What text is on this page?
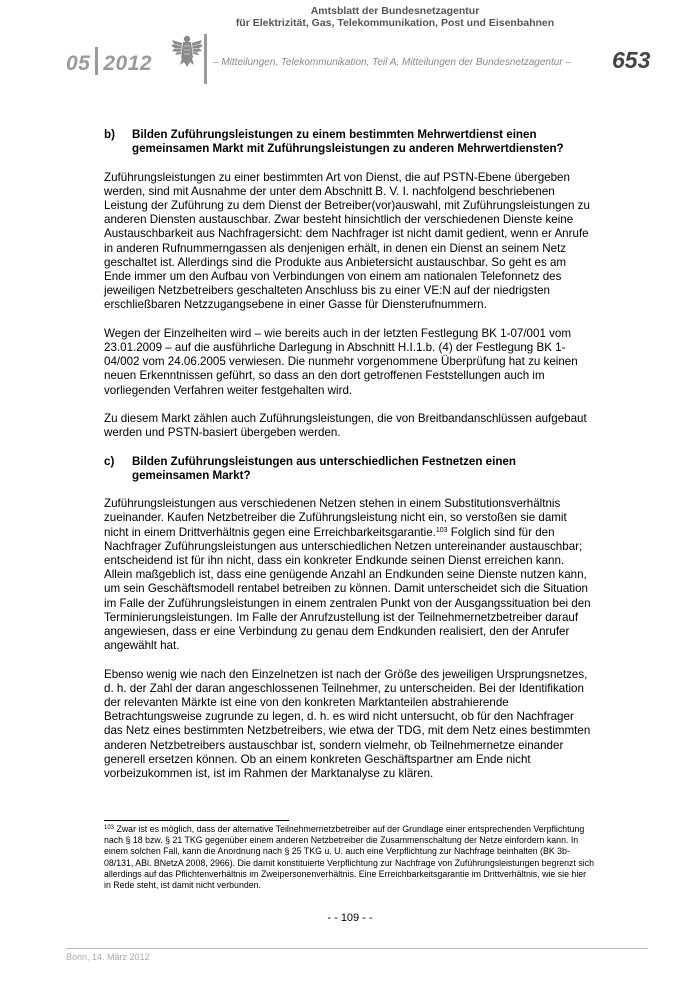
05 2012
Amtsblatt der Bundesnetzagentur
für Elektrizität, Gas, Telekommunikation, Post und Eisenbahnen
– Mitteilungen, Telekommunikation, Teil A, Mitteilungen der Bundesnetzagentur – 653
b)	Bilden Zuführungsleistungen zu einem bestimmten Mehrwertdienst einen gemeinsamen Markt mit Zuführungsleistungen zu anderen Mehrwertdiensten?

Zuführungsleistungen zu einer bestimmten Art von Dienst, die auf PSTN-Ebene übergeben werden, sind mit Ausnahme der unter dem Abschnitt B. V. I. nachfolgend beschriebenen Leistung der Zuführung zu dem Dienst der Betreiber(vor)auswahl, mit Zuführungsleistungen zu anderen Diensten austauschbar. Zwar besteht hinsichtlich der verschiedenen Dienste keine Austauschbarkeit aus Nachfragersicht: dem Nachfrager ist nicht damit gedient, wenn er Anrufe in anderen Rufnummerngassen als denjenigen erhält, in denen ein Dienst an seinem Netz geschaltet ist. Allerdings sind die Produkte aus Anbietersicht austauschbar. So geht es am Ende immer um den Aufbau von Verbindungen von einem am nationalen Telefonnetz des jeweiligen Netzbetreibers geschalteten Anschluss bis zu einer VE:N auf der niedrigsten erschließbaren Netzzugangsebene in einer Gasse für Diensterufnummern.

Wegen der Einzelheiten wird – wie bereits auch in der letzten Festlegung BK 1-07/001 vom 23.01.2009 – auf die ausführliche Darlegung in Abschnitt H.I.1.b. (4) der Festlegung BK 1-04/002 vom 24.06.2005 verwiesen. Die nunmehr vorgenommene Überprüfung hat zu keinen neuen Erkenntnissen geführt, so dass an den dort getroffenen Feststellungen auch im vorliegenden Verfahren weiter festgehalten wird.

Zu diesem Markt zählen auch Zuführungsleistungen, die von Breitbandanschlüssen aufgebaut werden und PSTN-basiert übergeben werden.

c)	Bilden Zuführungsleistungen aus unterschiedlichen Festnetzen einen gemeinsamen Markt?

Zuführungsleistungen aus verschiedenen Netzen stehen in einem Substitutionsverhältnis zueinander. Kaufen Netzbetreiber die Zuführungsleistung nicht ein, so verstoßen sie damit nicht in einem Drittverhältnis gegen eine Erreichbarkeitsgarantie.$^{103}$ Folglich sind für den Nachfrager Zuführungsleistungen aus unterschiedlichen Netzen untereinander austauschbar; entscheidend ist für ihn nicht, dass ein konkreter Endkunde seinen Dienst erreichen kann. Allein maßgeblich ist, dass eine genügende Anzahl an Endkunden seine Dienste nutzen kann, um sein Geschäftsmodell rentabel betreiben zu können. Damit unterscheidet sich die Situation im Falle der Zuführungsleistungen in einem zentralen Punkt von der Ausgangssituation bei den Terminierungsleistungen. Im Falle der Anrufzustellung ist der Teilnehmernetzbetreiber darauf angewiesen, dass er eine Verbindung zu genau dem Endkunden realisiert, den der Anrufer angewählt hat.

Ebenso wenig wie nach den Einzelnetzen ist nach der Größe des jeweiligen Ursprungsnetzes, d. h. der Zahl der daran angeschlossenen Teilnehmer, zu unterscheiden. Bei der Identifikation der relevanten Märkte ist eine von den konkreten Marktanteilen abstrahierende Betrachtungsweise zugrunde zu legen, d. h. es wird nicht untersucht, ob für den Nachfrager das Netz eines bestimmten Netzbetreibers, wie etwa der TDG, mit dem Netz eines bestimmten anderen Netzbetreibers austauschbar ist, sondern vielmehr, ob Teilnehmernetze einander generell ersetzen können. Ob an einem konkreten Geschäftspartner am Ende nicht vorbeizukommen ist, ist im Rahmen der Marktanalyse zu klären.

$^{103}$ Zwar ist es möglich, dass der alternative Teilnehmernetzbetreiber auf der Grundlage einer entsprechenden Verpflichtung nach § 18 bzw. § 21 TKG gegenüber einem anderen Netzbetreiber die Zusammenschaltung der Netze einfordern kann. In einem solchen Fall, kann die Anordnung nach § 25 TKG u. U. auch eine Verpflichtung zur Nachfrage beinhalten (BK 3b-08/131, ABl. BNetzA 2008, 2966). Die damit konstituierte Verpflichtung zur Nachfrage von Zuführungsleistungen begrenzt sich allerdings auf das Pflichtenverhältnis im Zweipersonenverhältnis. Eine Erreichbarkeitsgarantie im Drittverhältnis, wie sie hier in Rede steht, ist damit nicht verbunden.
- - 109 - -
Bonn, 14. März 2012
